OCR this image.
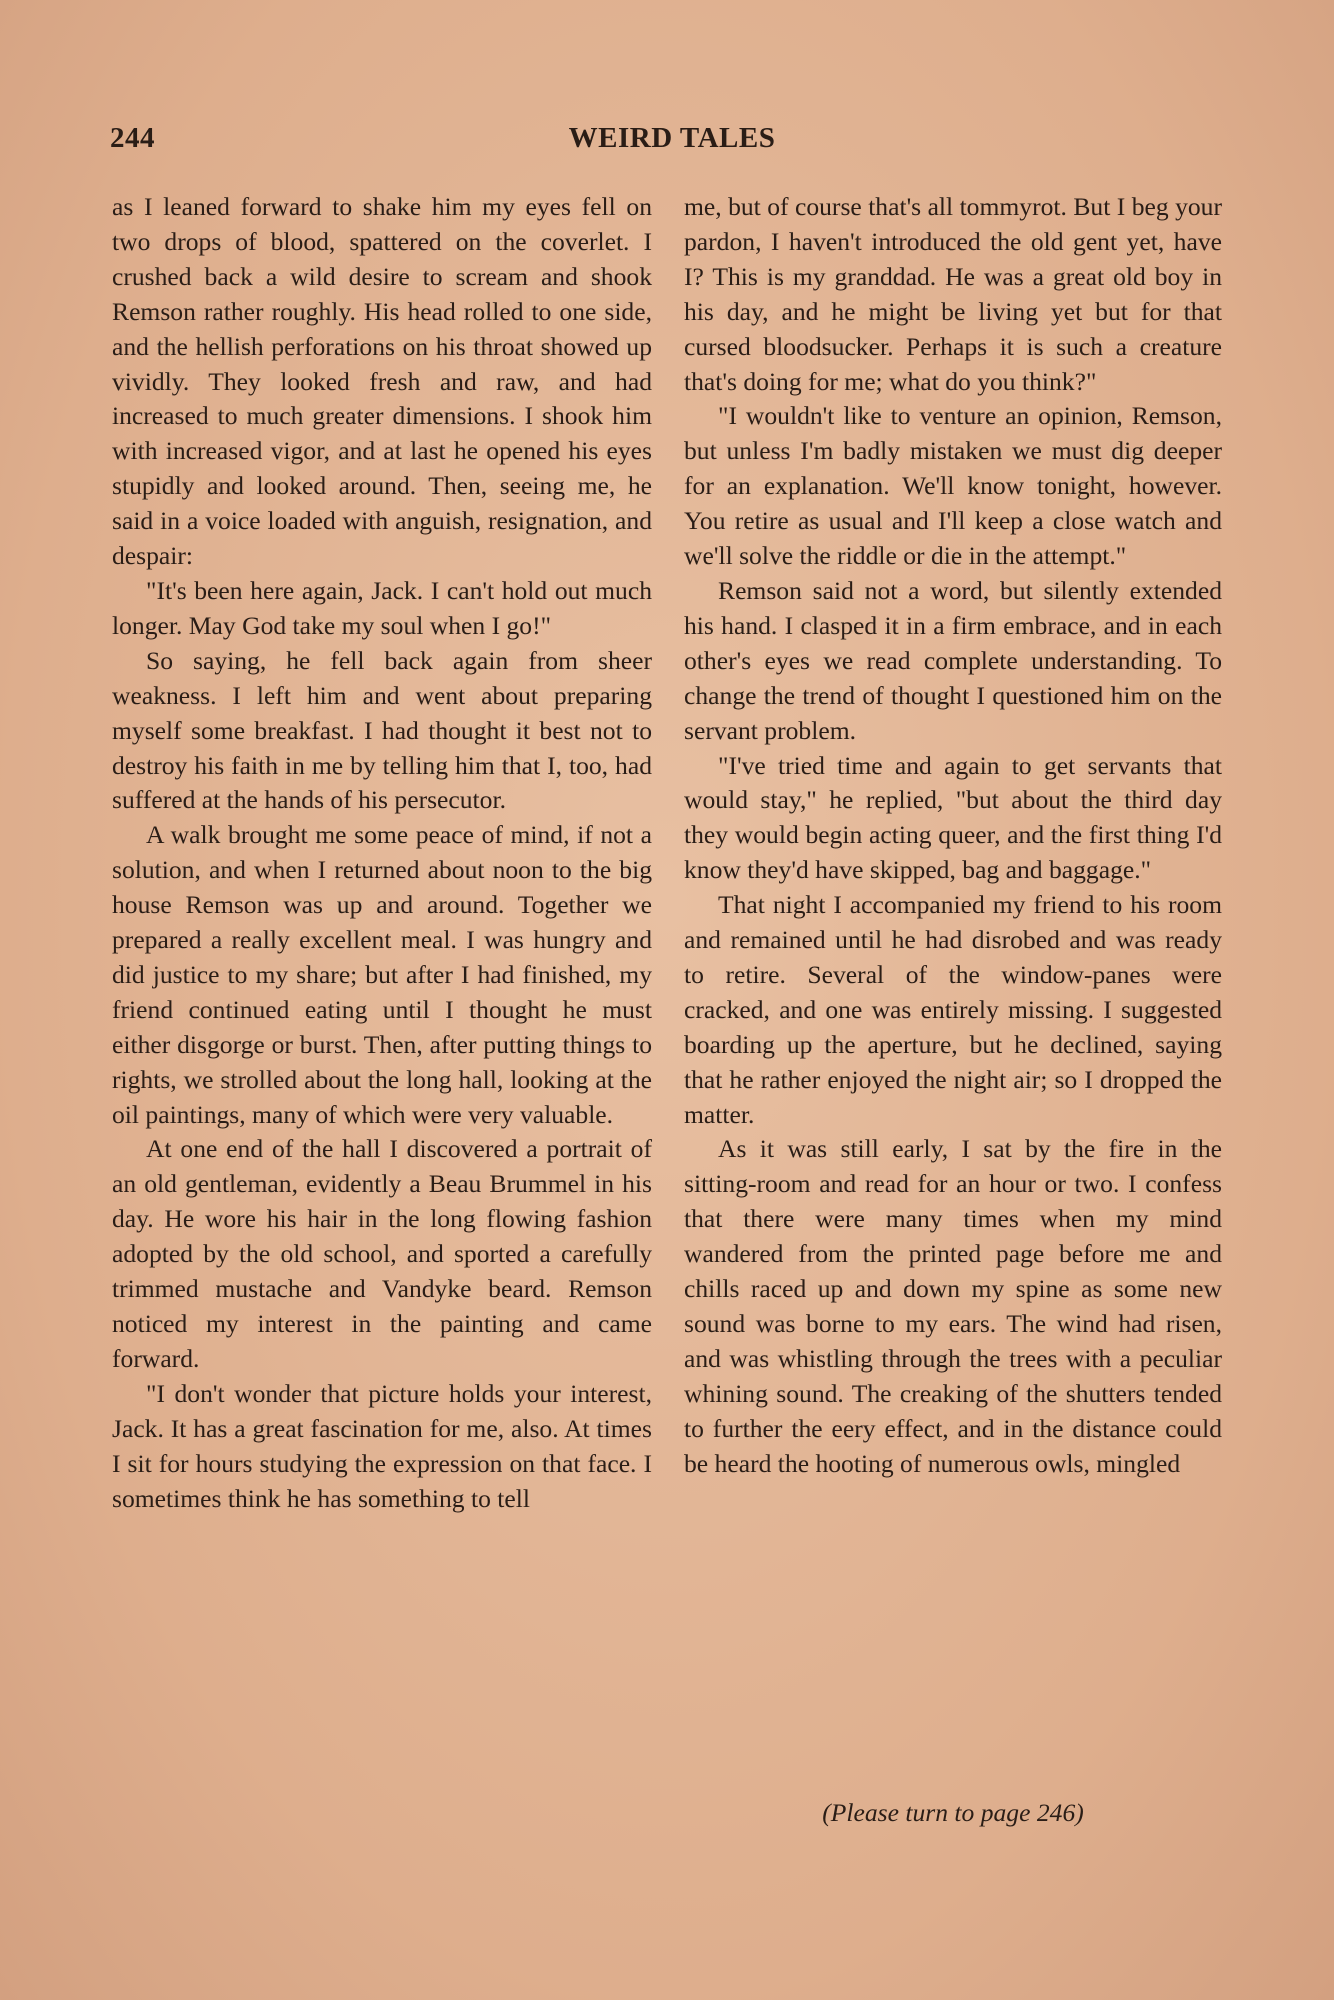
244	WEIRD TALES

as I leaned forward to shake him my eyes fell on two drops of blood, spattered on the coverlet. I crushed back a wild desire to scream and shook Remson rather roughly. His head rolled to one side, and the hellish perforations on his throat showed up vividly. They looked fresh and raw, and had increased to much greater dimensions. I shook him with increased vigor, and at last he opened his eyes stupidly and looked around. Then, seeing me, he said in a voice loaded with anguish, resignation, and despair:

"It's been here again, Jack. I can't hold out much longer. May God take my soul when I go!"

So saying, he fell back again from sheer weakness. I left him and went about preparing myself some breakfast. I had thought it best not to destroy his faith in me by telling him that I, too, had suffered at the hands of his persecutor.

A walk brought me some peace of mind, if not a solution, and when I returned about noon to the big house Remson was up and around. Together we prepared a really excellent meal. I was hungry and did justice to my share; but after I had finished, my friend continued eating until I thought he must either disgorge or burst. Then, after putting things to rights, we strolled about the long hall, looking at the oil paintings, many of which were very valuable.

At one end of the hall I discovered a portrait of an old gentleman, evidently a Beau Brummel in his day. He wore his hair in the long flowing fashion adopted by the old school, and sported a carefully trimmed mustache and Vandyke beard. Remson noticed my interest in the painting and came forward.

"I don't wonder that picture holds your interest, Jack. It has a great fascination for me, also. At times I sit for hours studying the expression on that face. I sometimes think he has something to tell

me, but of course that's all tommyrot. But I beg your pardon, I haven't introduced the old gent yet, have I? This is my granddad. He was a great old boy in his day, and he might be living yet but for that cursed bloodsucker. Perhaps it is such a creature that's doing for me; what do you think?"

"I wouldn't like to venture an opinion, Remson, but unless I'm badly mistaken we must dig deeper for an explanation. We'll know tonight, however. You retire as usual and I'll keep a close watch and we'll solve the riddle or die in the attempt."

Remson said not a word, but silently extended his hand. I clasped it in a firm embrace, and in each other's eyes we read complete understanding. To change the trend of thought I questioned him on the servant problem.

"I've tried time and again to get servants that would stay," he replied, "but about the third day they would begin acting queer, and the first thing I'd know they'd have skipped, bag and baggage."

That night I accompanied my friend to his room and remained until he had disrobed and was ready to retire. Several of the window-panes were cracked, and one was entirely missing. I suggested boarding up the aperture, but he declined, saying that he rather enjoyed the night air; so I dropped the matter.

As it was still early, I sat by the fire in the sitting-room and read for an hour or two. I confess that there were many times when my mind wandered from the printed page before me and chills raced up and down my spine as some new sound was borne to my ears. The wind had risen, and was whistling through the trees with a peculiar whining sound. The creaking of the shutters tended to further the eery effect, and in the distance could be heard the hooting of numerous owls, mingled

(Please turn to page 246)
